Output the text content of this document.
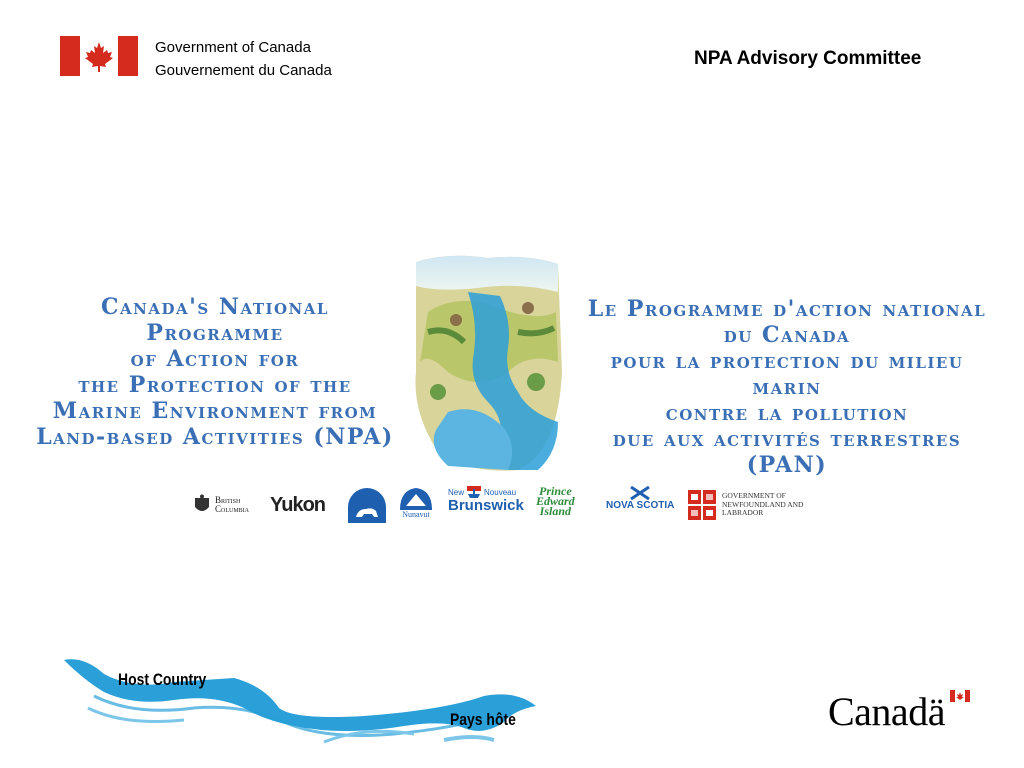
Government of Canada
Gouvernement du Canada
NPA Advisory Committee
Canada's National Programme
of Action for
the Protection of the
Marine Environment from
Land-based Activities (NPA)
Le Programme d'action national
du Canada
pour la protection du milieu marin
contre la pollution
due aux activités terrestres (PAN)
British Columbia	Yukon	Nunavut
New	Nouveau
Brunswick
Prince
Edward
Island	NOVA SCOTIA
GOVERNMENT OF NEWFOUNDLAND AND LABRADOR
Host Country
Pays hôte	Canadä
